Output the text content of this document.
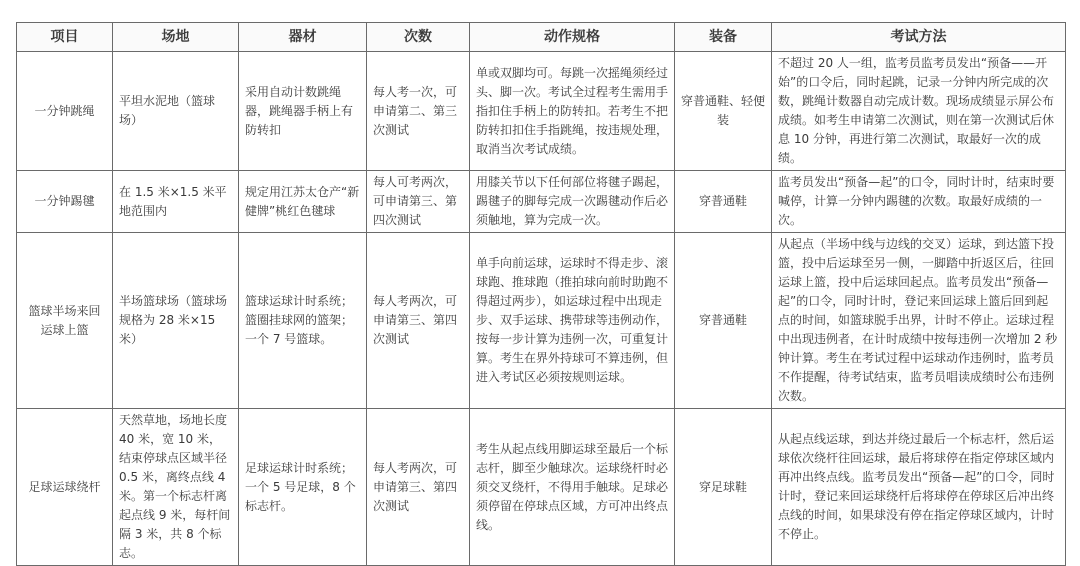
项目	场地	器材	次数	动作规格	装备	考试方法
一分钟跳绳	平坦水泥地（篮球场）	采用自动计数跳绳器，跳绳器手柄上有防转扣	每人考一次，可申请第二、第三次测试	单或双脚均可。每跳一次摇绳须经过头、脚一次。考试全过程考生需用手指扣住手柄上的防转扣。若考生不把防转扣扣住手指跳绳，按违规处理，取消当次考试成绩。	穿普通鞋、轻便装	不超过 20 人一组，监考员监考员发出“预备——开始”的口令后，同时起跳，记录一分钟内所完成的次数，跳绳计数器自动完成计数。现场成绩显示屏公布成绩。如考生申请第二次测试，则在第一次测试后休息 10 分钟，再进行第二次测试，取最好一次的成绩。
一分钟踢毽	在 1.5 米×1.5 米平地范围内	规定用江苏太仓产“新健牌”桃红色毽球	每人可考两次，可申请第三、第四次测试	用膝关节以下任何部位将毽子踢起，踢毽子的脚每完成一次踢毽动作后必须触地，算为完成一次。	穿普通鞋	监考员发出“预备—起”的口令，同时计时，结束时要喊停，计算一分钟内踢毽的次数。取最好成绩的一次。
篮球半场来回运球上篮	半场篮球场（篮球场规格为 28 米×15 米）	篮球运球计时系统；篮圈挂球网的篮架；一个 7 号篮球。	每人考两次，可申请第三、第四次测试	单手向前运球，运球时不得走步、滚球跑、推球跑（推拍球向前时助跑不得超过两步），如运球过程中出现走步、双手运球、携带球等违例动作，按每一步计算为违例一次，可重复计算。考生在界外持球可不算违例，但进入考试区必须按规则运球。	穿普通鞋	从起点（半场中线与边线的交叉）运球，到达篮下投篮，投中后运球至另一侧，一脚踏中折返区后，往回运球上篮，投中后运球回起点。监考员发出“预备—起”的口令，同时计时，登记来回运球上篮后回到起点的时间，如篮球脱手出界，计时不停止。运球过程中出现违例者，在计时成绩中按每违例一次增加 2 秒钟计算。考生在考试过程中运球动作违例时，监考员不作提醒，待考试结束，监考员唱读成绩时公布违例次数。
足球运球绕杆	天然草地，场地长度 40 米，宽 10 米，结束停球点区域半径 0.5 米，离终点线 4 米。第一个标志杆离起点线 9 米，每杆间隔 3 米，共 8 个标志。	足球运球计时系统；一个 5 号足球，8 个标志杆。	每人考两次，可申请第三、第四次测试	考生从起点线用脚运球至最后一个标志杆，脚至少触球次。运球绕杆时必须交叉绕杆，不得用手触球。足球必须停留在停球点区域，方可冲出终点线。	穿足球鞋	从起点线运球，到达并绕过最后一个标志杆，然后运球依次绕杆往回运球，最后将球停在指定停球区域内再冲出终点线。监考员发出“预备—起”的口令，同时计时，登记来回运球绕杆后将球停在停球区后冲出终点线的时间，如果球没有停在指定停球区域内，计时不停止。
